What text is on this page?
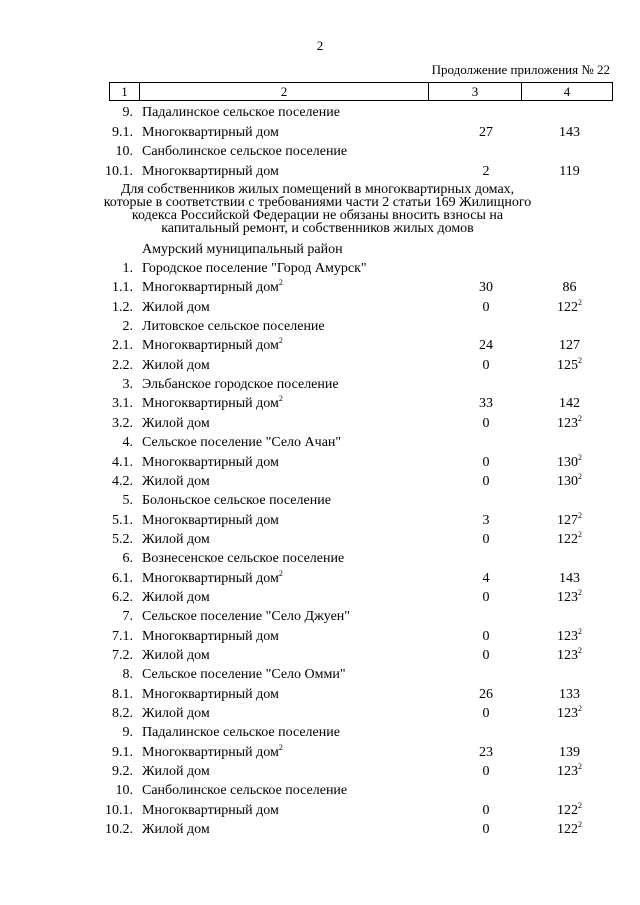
2
Продолжение приложения № 22
1	2	3	4
9. Падалинское сельское поселение
9.1. Многоквартирный дом	27	143
10. Санболинское сельское поселение
10.1. Многоквартирный дом	2	119
Для собственников жилых помещений в многоквартирных домах, которые в соответствии с требованиями части 2 статьи 169 Жилищного кодекса Российской Федерации не обязаны вносить взносы на капитальный ремонт, и собственников жилых домов
Амурский муниципальный район
1. Городское поселение "Город Амурск"
1.1. Многоквартирный дом$^2$	30	86
1.2. Жилой дом	0	$122^2$
2. Литовское сельское поселение
2.1. Многоквартирный дом$^2$	24	127
2.2. Жилой дом	0	$125^2$
3. Эльбанское городское поселение
3.1. Многоквартирный дом$^2$	33	142
3.2. Жилой дом	0	$123^2$
4. Сельское поселение "Село Ачан"
4.1. Многоквартирный дом	0	$130^2$
4.2. Жилой дом	0	$130^2$
5. Болоньское сельское поселение
5.1. Многоквартирный дом	3	$127^2$
5.2. Жилой дом	0	$122^2$
6. Вознесенское сельское поселение
6.1. Многоквартирный дом$^2$	4	143
6.2. Жилой дом	0	$123^2$
7. Сельское поселение "Село Джуен"
7.1. Многоквартирный дом	0	$123^2$
7.2. Жилой дом	0	$123^2$
8. Сельское поселение "Село Омми"
8.1. Многоквартирный дом	26	133
8.2. Жилой дом	0	$123^2$
9. Падалинское сельское поселение
9.1. Многоквартирный дом$^2$	23	139
9.2. Жилой дом	0	$123^2$
10. Санболинское сельское поселение
10.1. Многоквартирный дом	0	$122^2$
10.2. Жилой дом	0	$122^2$
